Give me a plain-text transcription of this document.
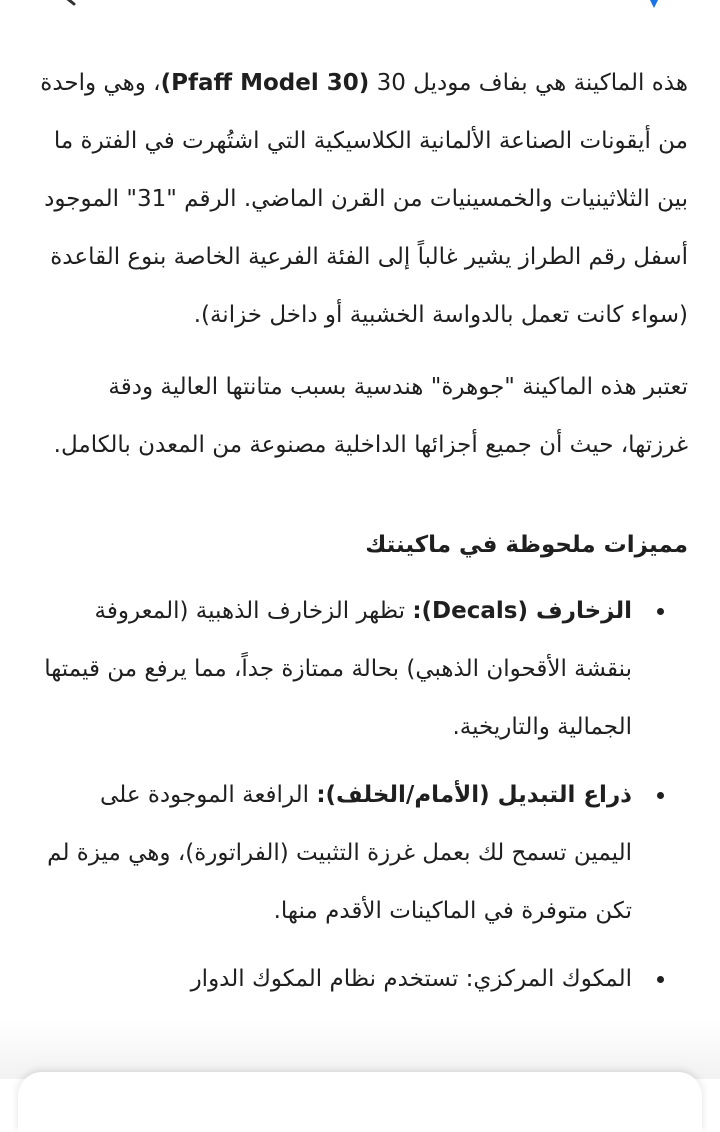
هذه الماكينة هي بفاف موديل 30 (Pfaff Model 30)، وهي واحدة من أيقونات الصناعة الألمانية الكلاسيكية التي اشتُهرت في الفترة ما بين الثلاثينيات والخمسينيات من القرن الماضي. الرقم "31" الموجود أسفل رقم الطراز يشير غالباً إلى الفئة الفرعية الخاصة بنوع القاعدة (سواء كانت تعمل بالدواسة الخشبية أو داخل خزانة).

تعتبر هذه الماكينة "جوهرة" هندسية بسبب متانتها العالية ودقة غرزتها، حيث أن جميع أجزائها الداخلية مصنوعة من المعدن بالكامل.

مميزات ملحوظة في ماكينتك
الزخارف (Decals): تظهر الزخارف الذهبية (المعروفة بنقشة الأقحوان الذهبي) بحالة ممتازة جداً، مما يرفع من قيمتها الجمالية والتاريخية.
ذراع التبديل (الأمام/الخلف): الرافعة الموجودة على اليمين تسمح لك بعمل غرزة التثبيت (الفراتورة)، وهي ميزة لم تكن متوفرة في الماكينات الأقدم منها.
المكوك المركزي: تستخدم نظام المكوك الدوار
